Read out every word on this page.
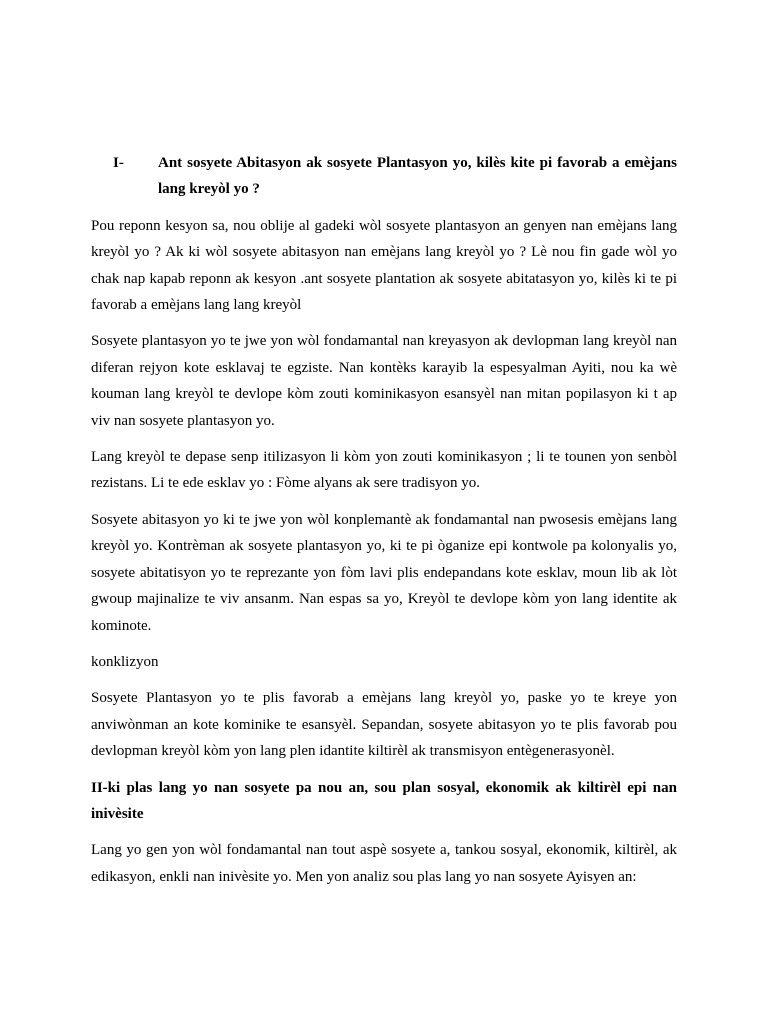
I-	Ant sosyete Abitasyon ak sosyete Plantasyon yo, kilès kite pi favorab a emèjans lang kreyòl yo ?

Pou reponn kesyon sa, nou oblije al gadeki wòl sosyete plantasyon an genyen nan emèjans lang kreyòl yo ? Ak ki wòl sosyete abitasyon nan emèjans lang kreyòl yo ? Lè nou fin gade wòl yo chak nap kapab reponn ak kesyon .ant sosyete plantation ak sosyete abitatasyon yo, kilès ki te pi favorab a emèjans lang lang kreyòl

Sosyete plantasyon yo te jwe yon wòl fondamantal nan kreyasyon ak devlopman lang kreyòl nan diferan rejyon kote esklavaj te egziste. Nan kontèks karayib la espesyalman Ayiti, nou ka wè kouman lang kreyòl te devlope kòm zouti kominikasyon esansyèl nan mitan popilasyon ki t ap viv nan sosyete plantasyon yo.

Lang kreyòl te depase senp itilizasyon li kòm yon zouti kominikasyon ; li te tounen yon senbòl rezistans. Li te ede esklav yo : Fòme alyans ak sere tradisyon yo.

Sosyete abitasyon yo ki te jwe yon wòl konplemantè ak fondamantal nan pwosesis emèjans lang kreyòl yo. Kontrèman ak sosyete plantasyon yo, ki te pi òganize epi kontwole pa kolonyalis yo, sosyete abitatisyon yo te reprezante yon fòm lavi plis endepandans kote esklav, moun lib ak lòt gwoup majinalize te viv ansanm. Nan espas sa yo, Kreyòl te devlope kòm yon lang identite ak kominote.

konklizyon

Sosyete Plantasyon yo te plis favorab a emèjans lang kreyòl yo, paske yo te kreye yon anviwònman an kote kominike te esansyèl. Sepandan, sosyete abitasyon yo te plis favorab pou devlopman kreyòl kòm yon lang plen idantite kiltirèl ak transmisyon entègenerasyonèl.

II-ki plas lang yo nan sosyete pa nou an, sou plan sosyal, ekonomik ak kiltirèl epi nan inivèsite

Lang yo gen yon wòl fondamantal nan tout aspè sosyete a, tankou sosyal, ekonomik, kiltirèl, ak edikasyon, enkli nan inivèsite yo. Men yon analiz sou plas lang yo nan sosyete Ayisyen an:
